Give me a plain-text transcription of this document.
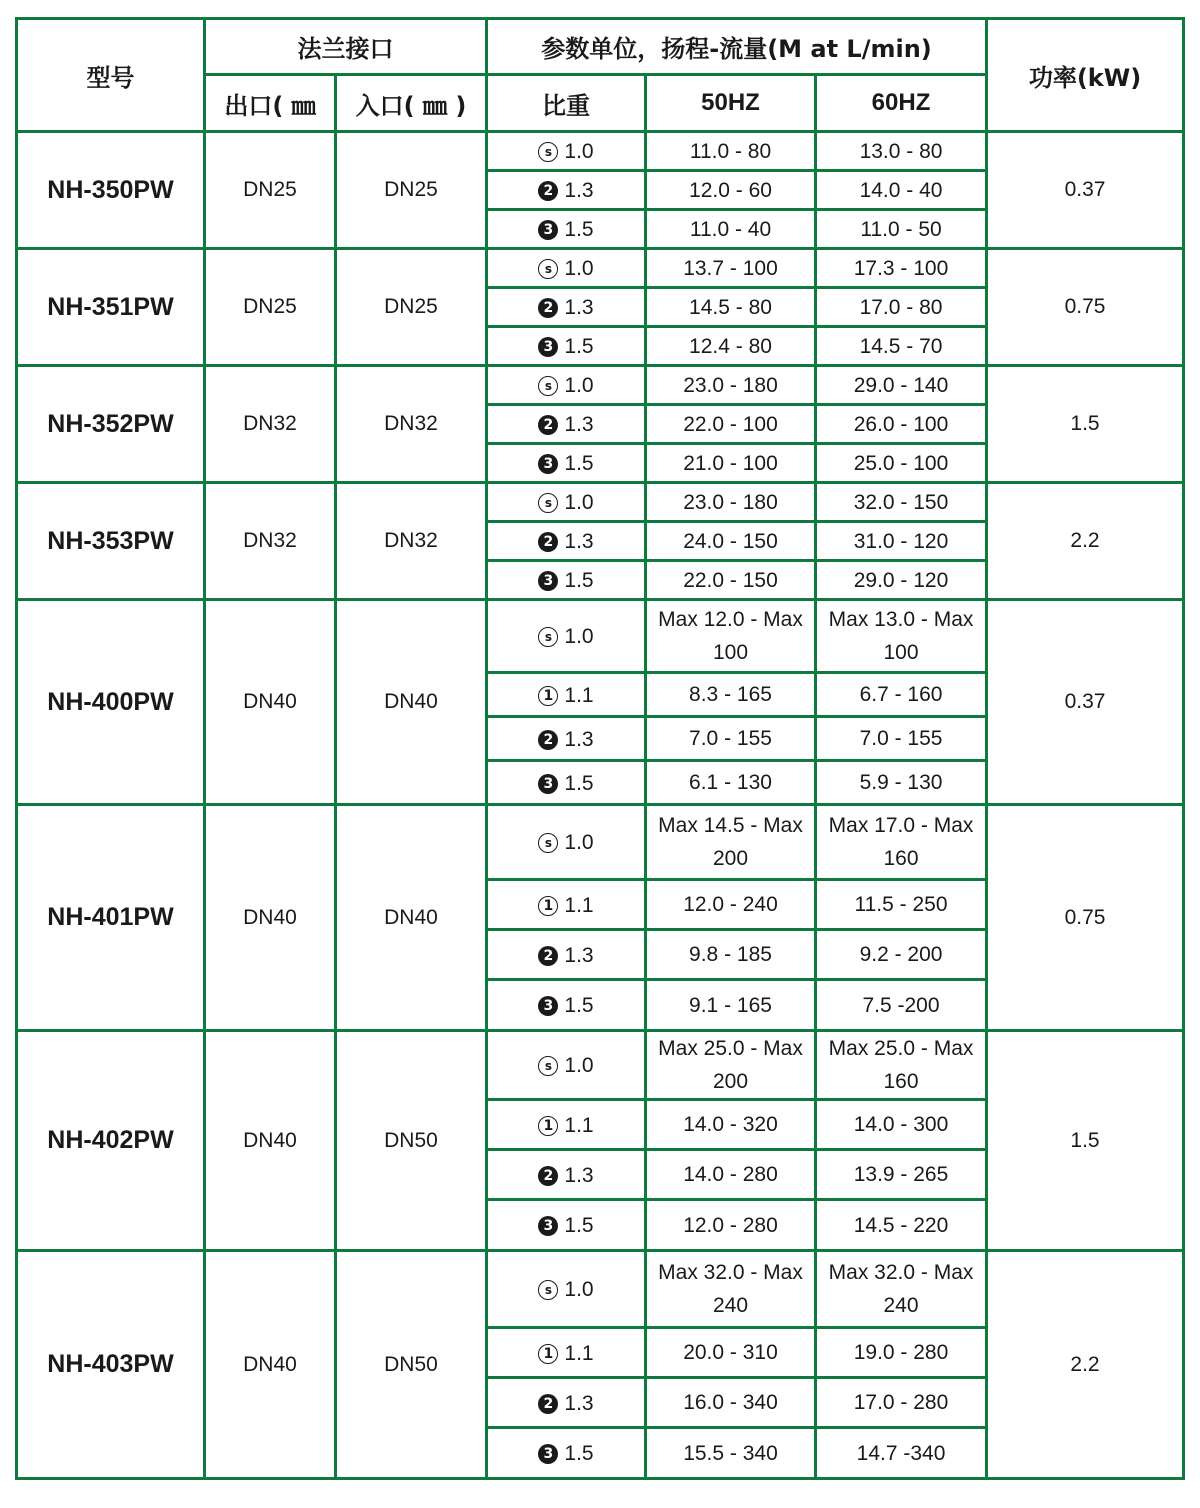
型号	法兰接口		参数单位，扬程-流量(M at L/min)			功率(kW)
	出口( ㎜	入口( ㎜ )	比重	50HZ	60HZ	
NH-350PW	DN25	DN25	s 1.0	11.0 - 80	13.0 - 80	0.37

2 1.3	12.0 - 60	14.0 - 40	

3 1.5	11.0 - 40	11.0 - 50	
NH-351PW	DN25	DN25	s 1.0	13.7 - 100	17.3 - 100	0.75

2 1.3	14.5 - 80	17.0 - 80	

3 1.5	12.4 - 80	14.5 - 70	
NH-352PW	DN32	DN32	s 1.0	23.0 - 180	29.0 - 140	1.5

2 1.3	22.0 - 100	26.0 - 100	

3 1.5	21.0 - 100	25.0 - 100	
NH-353PW	DN32	DN32	s 1.0	23.0 - 180	32.0 - 150	2.2

2 1.3	24.0 - 150	31.0 - 120	

3 1.5	22.0 - 150	29.0 - 120	
NH-400PW	DN40	DN40	s 1.0	Max 12.0 - Max 100	Max 13.0 - Max 100	0.37

1 1.1	8.3 - 165	6.7 - 160	

2 1.3	7.0 - 155	7.0 - 155	

3 1.5	6.1 - 130	5.9 - 130	
NH-401PW	DN40	DN40	s 1.0	Max 14.5 - Max 200	Max 17.0 - Max 160	0.75

1 1.1	12.0 - 240	11.5 - 250	

2 1.3	9.8 - 185	9.2 - 200	

3 1.5	9.1 - 165	7.5 -200	
NH-402PW	DN40	DN50	s 1.0	Max 25.0 - Max 200	Max 25.0 - Max 160	1.5

1 1.1	14.0 - 320	14.0 - 300	

2 1.3	14.0 - 280	13.9 - 265	

3 1.5	12.0 - 280	14.5 - 220	
NH-403PW	DN40	DN50	s 1.0	Max 32.0 - Max 240	Max 32.0 - Max 240	2.2

1 1.1	20.0 - 310	19.0 - 280	

2 1.3	16.0 - 340	17.0 - 280	

3 1.5	15.5 - 340	14.7 -340	
